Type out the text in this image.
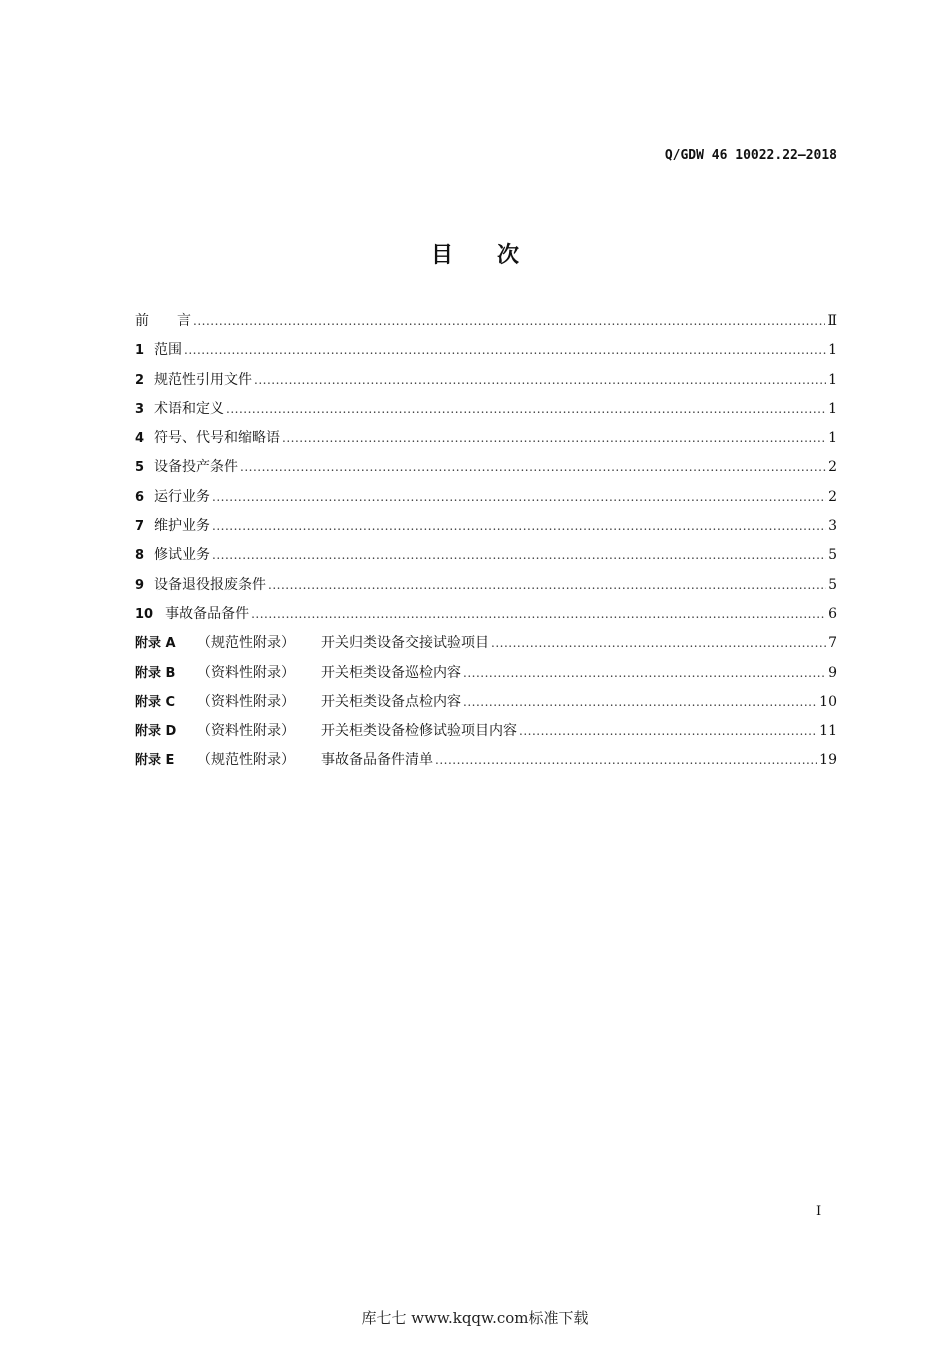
Q/GDW 46 10022.22—2018
目　　次
前　　言 .....	Ⅱ
1 范围 .....	1
2 规范性引用文件 .....	1
3 术语和定义 .....	1
4 符号、代号和缩略语 .....	1
5 设备投产条件 .....	2
6 运行业务 .....	2
7 维护业务 .....	3
8 修试业务 .....	5
9 设备退役报废条件 .....	5
10 事故备品备件 .....	6
附录 A	（规范性附录）	开关归类设备交接试验项目 .....	7
附录 B	（资料性附录）	开关柜类设备巡检内容 .....	9
附录 C	（资料性附录）	开关柜类设备点检内容 .....	10
附录 D	（资料性附录）	开关柜类设备检修试验项目内容 .....	11
附录 E	（规范性附录）	事故备品备件清单 .....	19
I
库七七 www.kqqw.com标准下载
